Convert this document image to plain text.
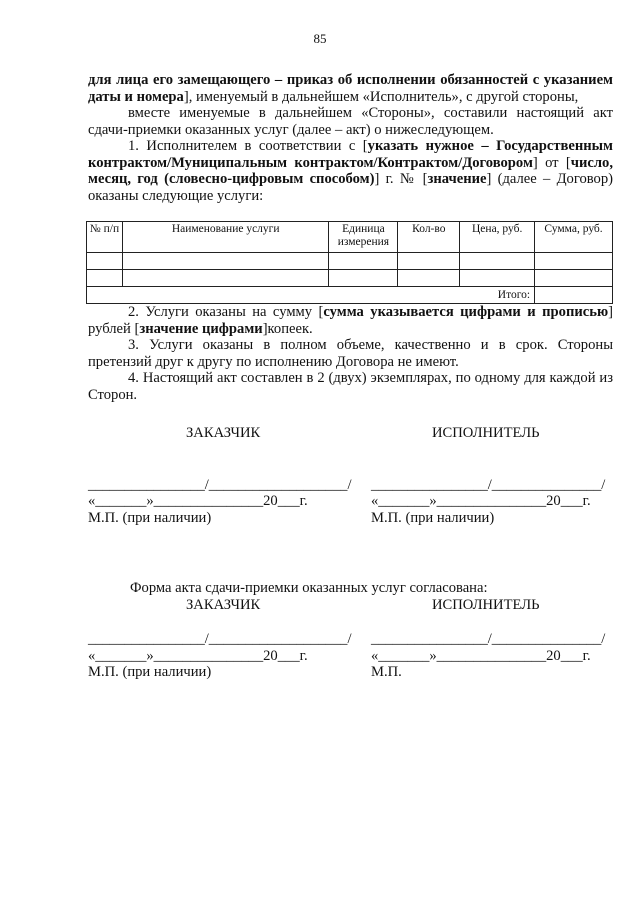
85

для лица его замещающего – приказ об исполнении обязанностей с указанием даты и номера], именуемый в дальнейшем «Исполнитель», с другой стороны,

вместе именуемые в дальнейшем «Стороны», составили настоящий акт сдачи-приемки оказанных услуг (далее – акт) о нижеследующем.

1. Исполнителем в соответствии с [указать нужное – Государственным контрактом/Муниципальным контрактом/Контрактом/Договором] от [число, месяц, год (словесно-цифровым способом)] г. № [значение] (далее – Договор) оказаны следующие услуги:

№ п/п	Наименование услуги	Единица измерения	Кол-во	Цена, руб.	Сумма, руб.

Итого:					

2. Услуги оказаны на сумму [сумма указывается цифрами и прописью] рублей [значение цифрами]копеек.

3. Услуги оказаны в полном объеме, качественно и в срок. Стороны претензий друг к другу по исполнению Договора не имеют.

4. Настоящий акт составлен в 2 (двух) экземплярах, по одному для каждой из Сторон.

ЗАКАЗЧИК	ИСПОЛНИТЕЛЬ
________________/___________________/ ________________/_______________/
«_______»_______________20___г.	«_______»_______________20___г.
М.П. (при наличии)	М.П. (при наличии)
Форма акта сдачи-приемки оказанных услуг согласована:
ЗАКАЗЧИК	ИСПОЛНИТЕЛЬ
________________/___________________/ ________________/_______________/
«_______»_______________20___г.	«_______»_______________20___г.
М.П. (при наличии)	М.П.
